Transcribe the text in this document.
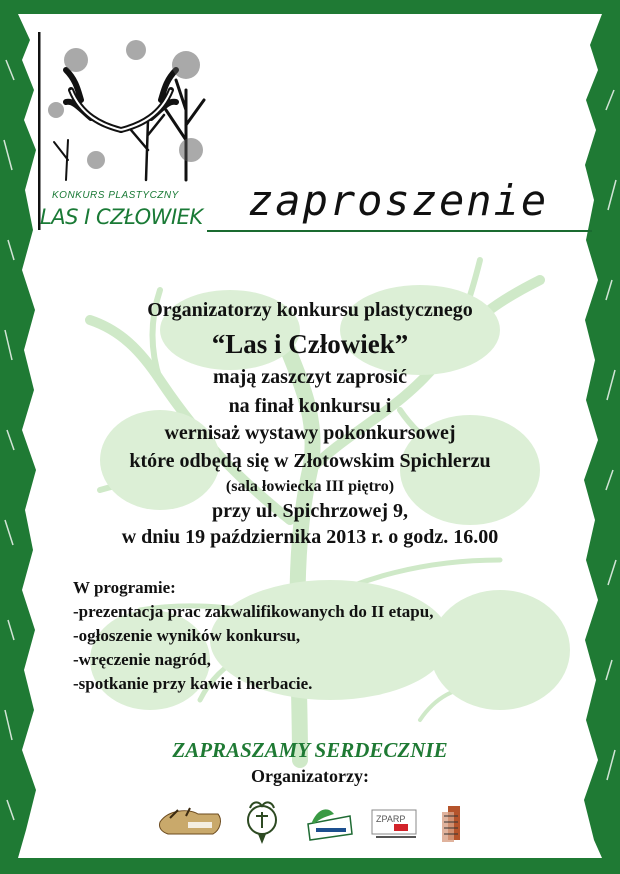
KONKURS PLASTYCZNY
LAS I CZŁOWIEK zaproszenie
Organizatorzy konkursu plastycznego
“Las i Człowiek”
mają zaszczyt zaprosić
na finał konkursu i
wernisaż wystawy pokonkursowej
które odbędą się w Złotowskim Spichlerzu
(sala łowiecka III piętro)
przy ul. Spichrzowej 9,
w dniu 19 października 2013 r. o godz. 16.00
W programie:
-prezentacja prac zakwalifikowanych do II etapu,
-ogłoszenie wyników konkursu,
-wręczenie nagród,
-spotkanie przy kawie i herbacie.
ZAPRASZAMY SERDECZNIE
Organizatorzy:
ZPARP
